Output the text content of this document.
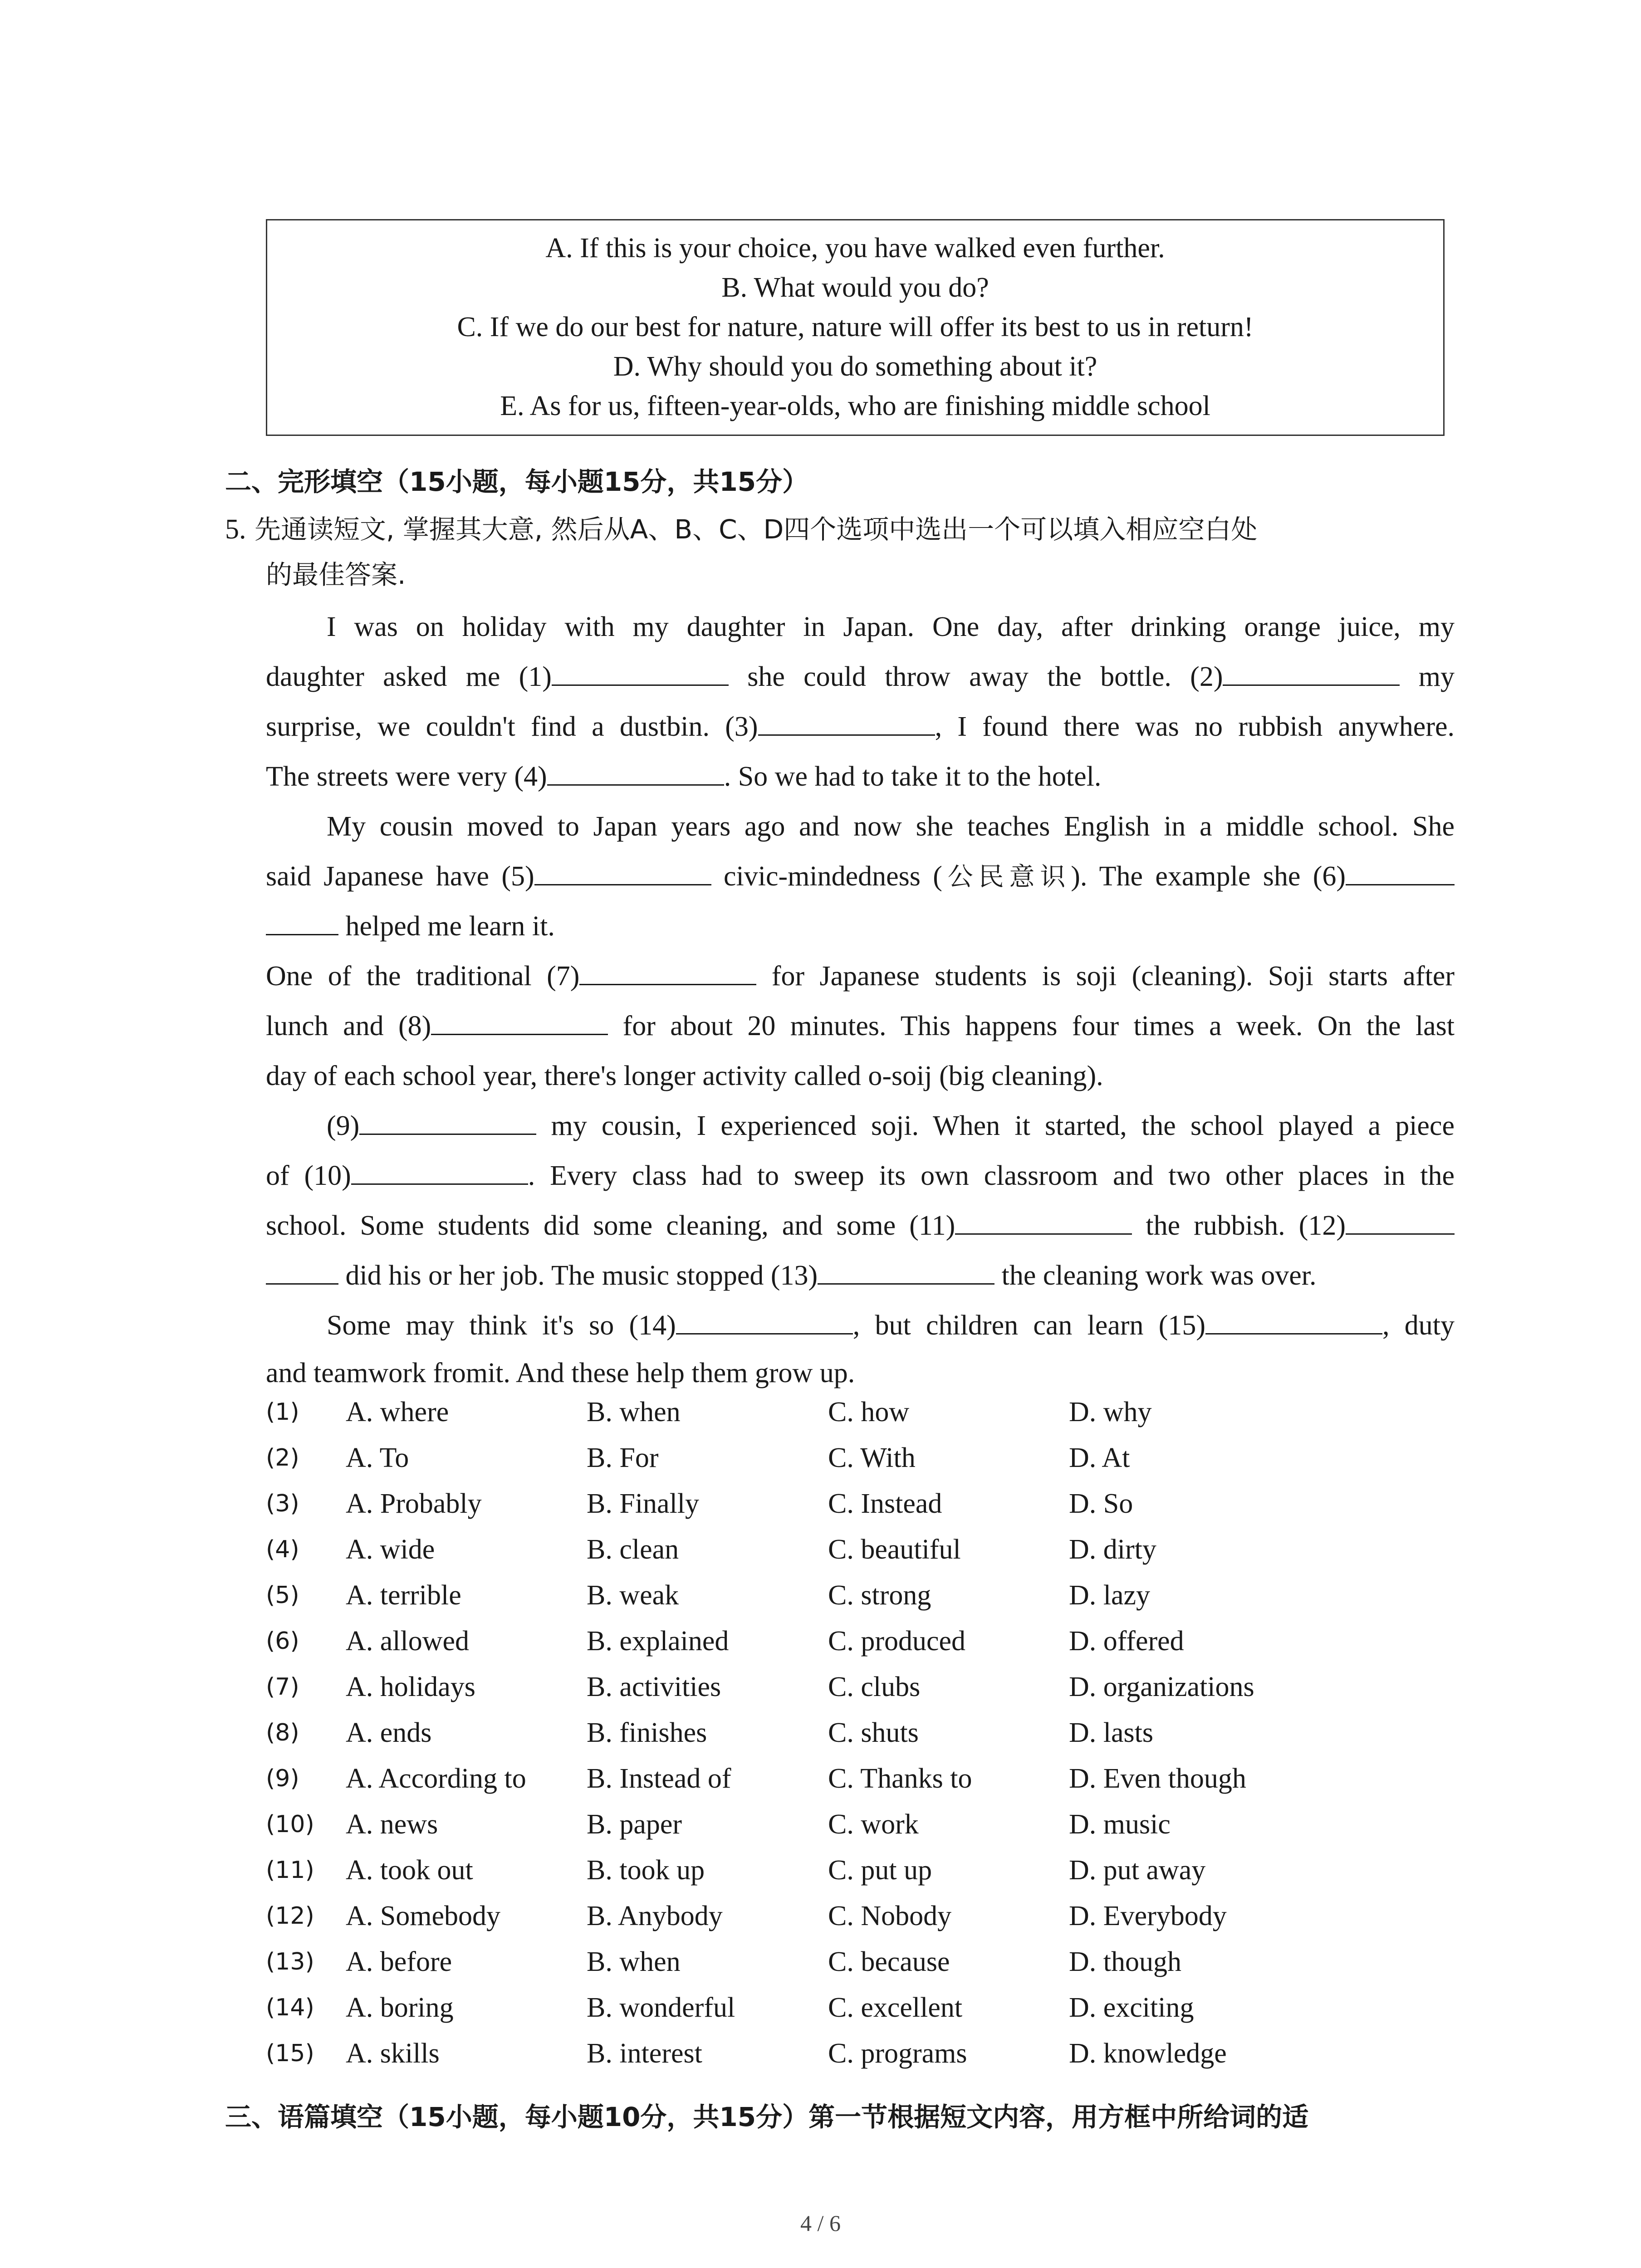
A. If this is your choice, you have walked even further.
B. What would you do?
C. If we do our best for nature, nature will offer its best to us in return!
D. Why should you do something about it?
E. As for us, fifteen-year-olds, who are finishing middle school
二、完形填空（15小题，每小题15分，共15分）
5. 先通读短文, 掌握其大意, 然后从A、B、C、D四个选项中选出一个可以填入相应空白处
的最佳答案.
I was on holiday with my daughter in Japan. One day, after drinking orange juice, my
daughter asked me (1)	she could throw away the bottle. (2)	my
surprise, we couldn't find a dustbin. (3)	, I found there was no rubbish anywhere.
The streets were very (4)	. So we had to take it to the hotel.
My cousin moved to Japan years ago and now she teaches English in a middle school. She
said Japanese have (5)	civic-mindedness (公民意识). The example she (6)
helped me learn it.
One of the traditional (7)	for Japanese students is soji (cleaning). Soji starts after
lunch and (8)	for about 20 minutes. This happens four times a week. On the last
day of each school year, there's longer activity called o-soij (big cleaning).
(9)	my cousin, I experienced soji. When it started, the school played a piece
of (10)	. Every class had to sweep its own classroom and two other places in the
school. Some students did some cleaning, and some (11)	the rubbish. (12)
did his or her job. The music stopped (13)	the cleaning work was over.
Some may think it's so (14)	, but children can learn (15)	, duty
and teamwork fromit. And these help them grow up.
(1) A. where	B. when	C. how	D. why
(2) A. To	B. For	C. With	D. At
(3) A. Probably	B. Finally	C. Instead	D. So
(4) A. wide	B. clean	C. beautiful	D. dirty
(5) A. terrible	B. weak	C. strong	D. lazy
(6) A. allowed	B. explained	C. produced	D. offered
(7) A. holidays	B. activities	C. clubs	D. organizations
(8) A. ends	B. finishes	C. shuts	D. lasts
(9) A. According to B. Instead of	C. Thanks to	D. Even though
(10) A. news	B. paper	C. work	D. music
(11) A. took out	B. took up	C. put up	D. put away
(12) A. Somebody	B. Anybody	C. Nobody	D. Everybody
(13) A. before	B. when	C. because	D. though
(14) A. boring	B. wonderful	C. excellent	D. exciting
(15) A. skills	B. interest	C. programs	D. knowledge
三、语篇填空（15小题，每小题10分，共15分）第一节根据短文内容，用方框中所给词的适
4 / 6
